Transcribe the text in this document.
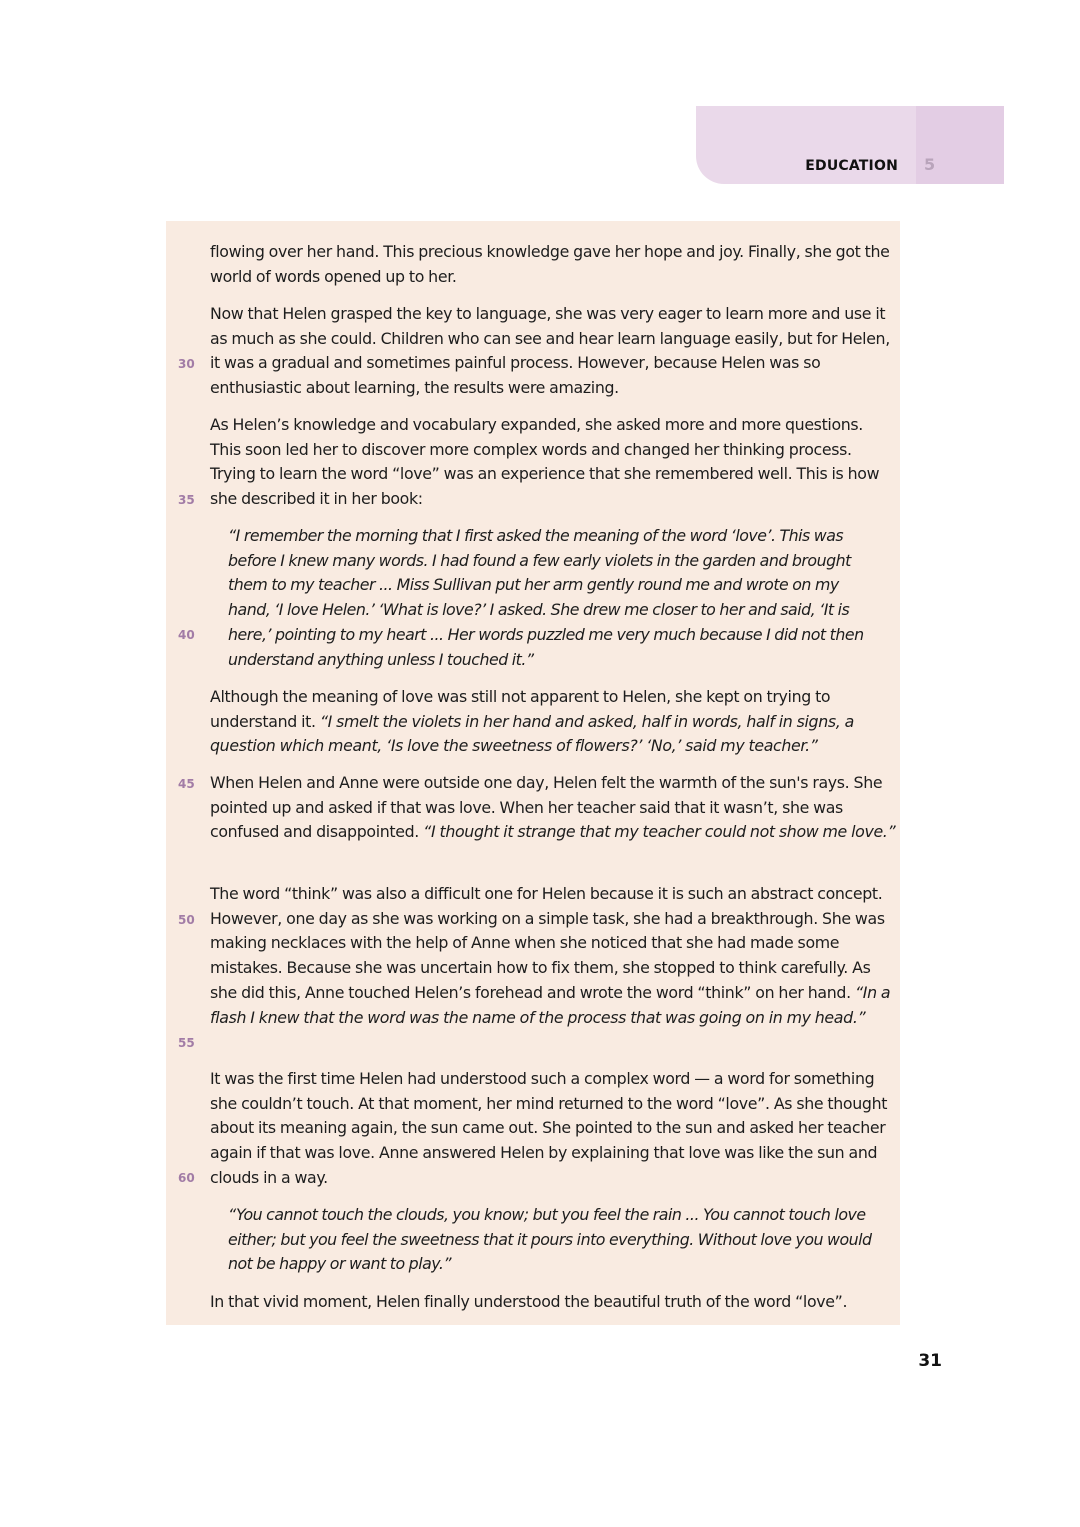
EDUCATION 5

flowing over her hand. This precious knowledge gave her hope and joy. Finally, she got the world of words opened up to her.

Now that Helen grasped the key to language, she was very eager to learn more and use it as much as she could. Children who can see and hear learn language easily, but for Helen, it was a gradual and sometimes painful process. However, because Helen was so enthusiastic about learning, the results were amazing.

As Helen’s knowledge and vocabulary expanded, she asked more and more questions. This soon led her to discover more complex words and changed her thinking process. Trying to learn the word “love” was an experience that she remembered well. This is how she described it in her book:

“I remember the morning that I first asked the meaning of the word ‘love’. This was before I knew many words. I had found a few early violets in the garden and brought them to my teacher ... Miss Sullivan put her arm gently round me and wrote on my hand, ‘I love Helen.’ ‘What is love?’ I asked. She drew me closer to her and said, ‘It is here,’ pointing to my heart ... Her words puzzled me very much because I did not then understand anything unless I touched it.”

Although the meaning of love was still not apparent to Helen, she kept on trying to understand it. “I smelt the violets in her hand and asked, half in words, half in signs, a question which meant, ‘Is love the sweetness of flowers?’ ‘No,’ said my teacher.”

When Helen and Anne were outside one day, Helen felt the warmth of the sun's rays. She pointed up and asked if that was love. When her teacher said that it wasn’t, she was confused and disappointed. “I thought it strange that my teacher could not show me love.”

The word “think” was also a difficult one for Helen because it is such an abstract concept. However, one day as she was working on a simple task, she had a breakthrough. She was making necklaces with the help of Anne when she noticed that she had made some mistakes. Because she was uncertain how to fix them, she stopped to think carefully. As she did this, Anne touched Helen’s forehead and wrote the word “think” on her hand. “In a flash I knew that the word was the name of the process that was going on in my head.”

It was the first time Helen had understood such a complex word — a word for something she couldn’t touch. At that moment, her mind returned to the word “love”. As she thought about its meaning again, the sun came out. She pointed to the sun and asked her teacher again if that was love. Anne answered Helen by explaining that love was like the sun and clouds in a way.

“You cannot touch the clouds, you know; but you feel the rain ... You cannot touch love either; but you feel the sweetness that it pours into everything. Without love you would not be happy or want to play.”

In that vivid moment, Helen finally understood the beautiful truth of the word “love”.

30
35
40
45
50
55
60
31
